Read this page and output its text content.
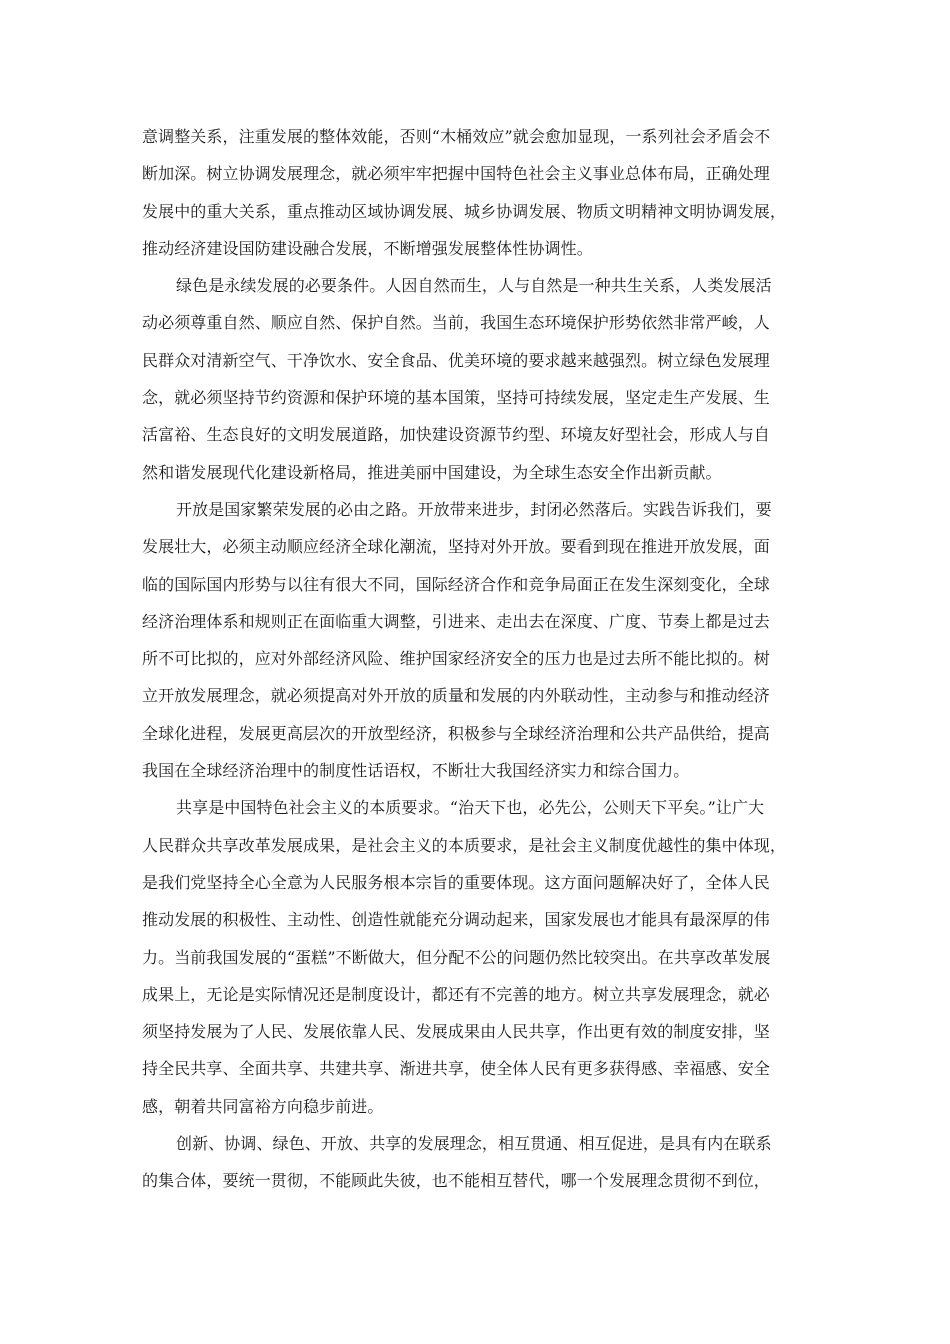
意调整关系，注重发展的整体效能，否则“木桶效应”就会愈加显现，一系列社会矛盾会不
断加深。树立协调发展理念，就必须牢牢把握中国特色社会主义事业总体布局，正确处理
发展中的重大关系，重点推动区域协调发展、城乡协调发展、物质文明精神文明协调发展，
推动经济建设国防建设融合发展，不断增强发展整体性协调性。
绿色是永续发展的必要条件。人因自然而生，人与自然是一种共生关系，人类发展活
动必须尊重自然、顺应自然、保护自然。当前，我国生态环境保护形势依然非常严峻，人
民群众对清新空气、干净饮水、安全食品、优美环境的要求越来越强烈。树立绿色发展理
念，就必须坚持节约资源和保护环境的基本国策，坚持可持续发展，坚定走生产发展、生
活富裕、生态良好的文明发展道路，加快建设资源节约型、环境友好型社会，形成人与自
然和谐发展现代化建设新格局，推进美丽中国建设，为全球生态安全作出新贡献。
开放是国家繁荣发展的必由之路。开放带来进步，封闭必然落后。实践告诉我们，要
发展壮大，必须主动顺应经济全球化潮流，坚持对外开放。要看到现在推进开放发展，面
临的国际国内形势与以往有很大不同，国际经济合作和竞争局面正在发生深刻变化，全球
经济治理体系和规则正在面临重大调整，引进来、走出去在深度、广度、节奏上都是过去
所不可比拟的，应对外部经济风险、维护国家经济安全的压力也是过去所不能比拟的。树
立开放发展理念，就必须提高对外开放的质量和发展的内外联动性，主动参与和推动经济
全球化进程，发展更高层次的开放型经济，积极参与全球经济治理和公共产品供给，提高
我国在全球经济治理中的制度性话语权，不断壮大我国经济实力和综合国力。
共享是中国特色社会主义的本质要求。“治天下也，必先公，公则天下平矣。”让广大
人民群众共享改革发展成果，是社会主义的本质要求，是社会主义制度优越性的集中体现，
是我们党坚持全心全意为人民服务根本宗旨的重要体现。这方面问题解决好了，全体人民
推动发展的积极性、主动性、创造性就能充分调动起来，国家发展也才能具有最深厚的伟
力。当前我国发展的“蛋糕”不断做大，但分配不公的问题仍然比较突出。在共享改革发展
成果上，无论是实际情况还是制度设计，都还有不完善的地方。树立共享发展理念，就必
须坚持发展为了人民、发展依靠人民、发展成果由人民共享，作出更有效的制度安排，坚
持全民共享、全面共享、共建共享、渐进共享，使全体人民有更多获得感、幸福感、安全
感，朝着共同富裕方向稳步前进。
创新、协调、绿色、开放、共享的发展理念，相互贯通、相互促进，是具有内在联系
的集合体，要统一贯彻，不能顾此失彼，也不能相互替代，哪一个发展理念贯彻不到位，
